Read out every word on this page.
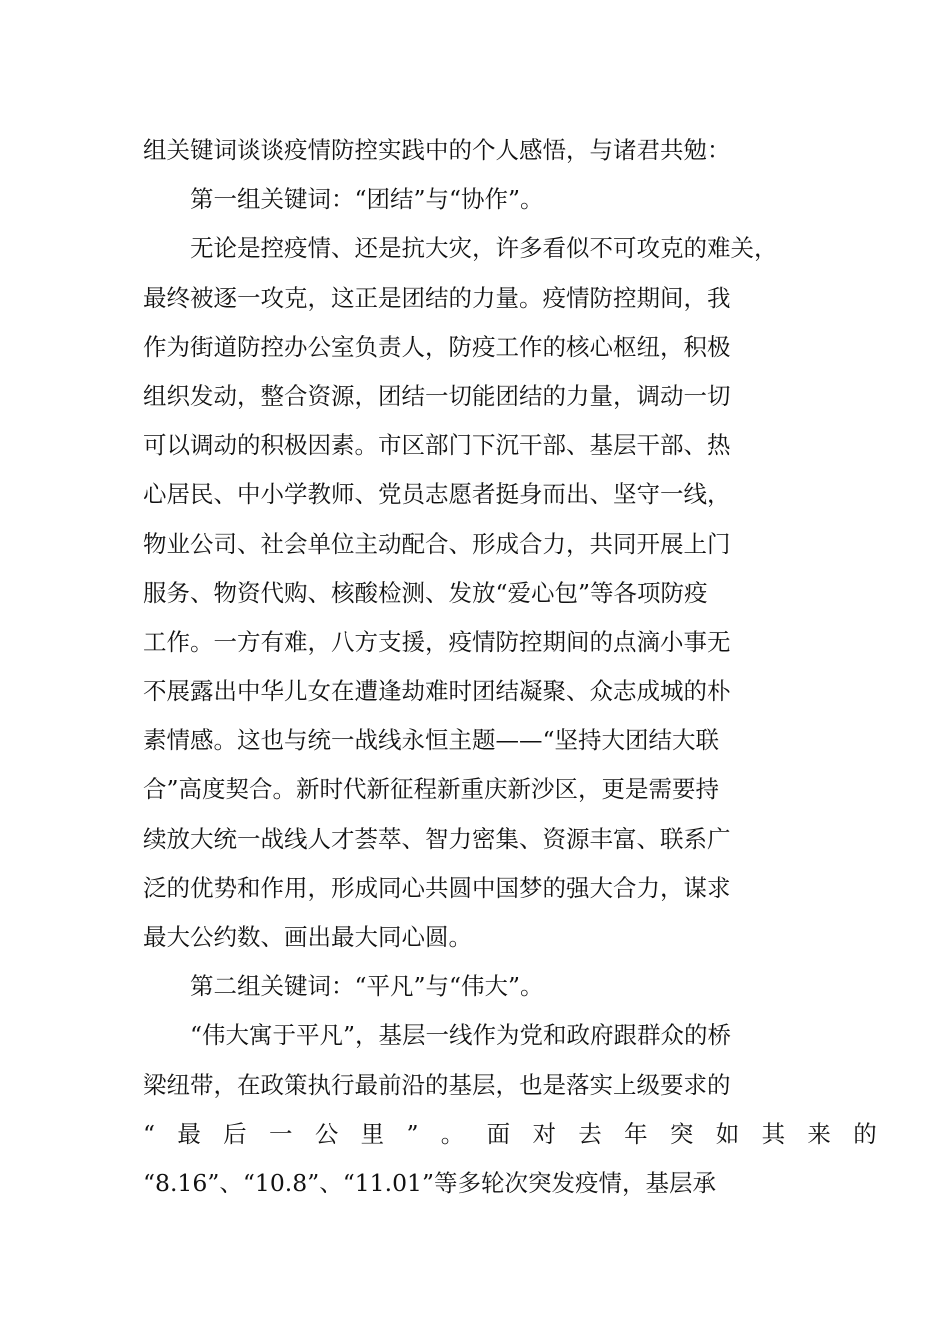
组关键词谈谈疫情防控实践中的个人感悟，与诸君共勉：
第一组关键词：“团结”与“协作”。
无论是控疫情、还是抗大灾，许多看似不可攻克的难关，
最终被逐一攻克，这正是团结的力量。疫情防控期间，我
作为街道防控办公室负责人，防疫工作的核心枢纽，积极
组织发动，整合资源，团结一切能团结的力量，调动一切
可以调动的积极因素。市区部门下沉干部、基层干部、热
心居民、中小学教师、党员志愿者挺身而出、坚守一线，
物业公司、社会单位主动配合、形成合力，共同开展上门
服务、物资代购、核酸检测、发放“爱心包”等各项防疫
工作。一方有难，八方支援，疫情防控期间的点滴小事无
不展露出中华儿女在遭逢劫难时团结凝聚、众志成城的朴
素情感。这也与统一战线永恒主题——“坚持大团结大联
合”高度契合。新时代新征程新重庆新沙区，更是需要持
续放大统一战线人才荟萃、智力密集、资源丰富、联系广
泛的优势和作用，形成同心共圆中国梦的强大合力，谋求
最大公约数、画出最大同心圆。
第二组关键词：“平凡”与“伟大”。
“伟大寓于平凡”，基层一线作为党和政府跟群众的桥
梁纽带，在政策执行最前沿的基层，也是落实上级要求的
“最后一公里”。面对去年突如其来的
“8.16”、“10.8”、“11.01”等多轮次突发疫情，基层承
